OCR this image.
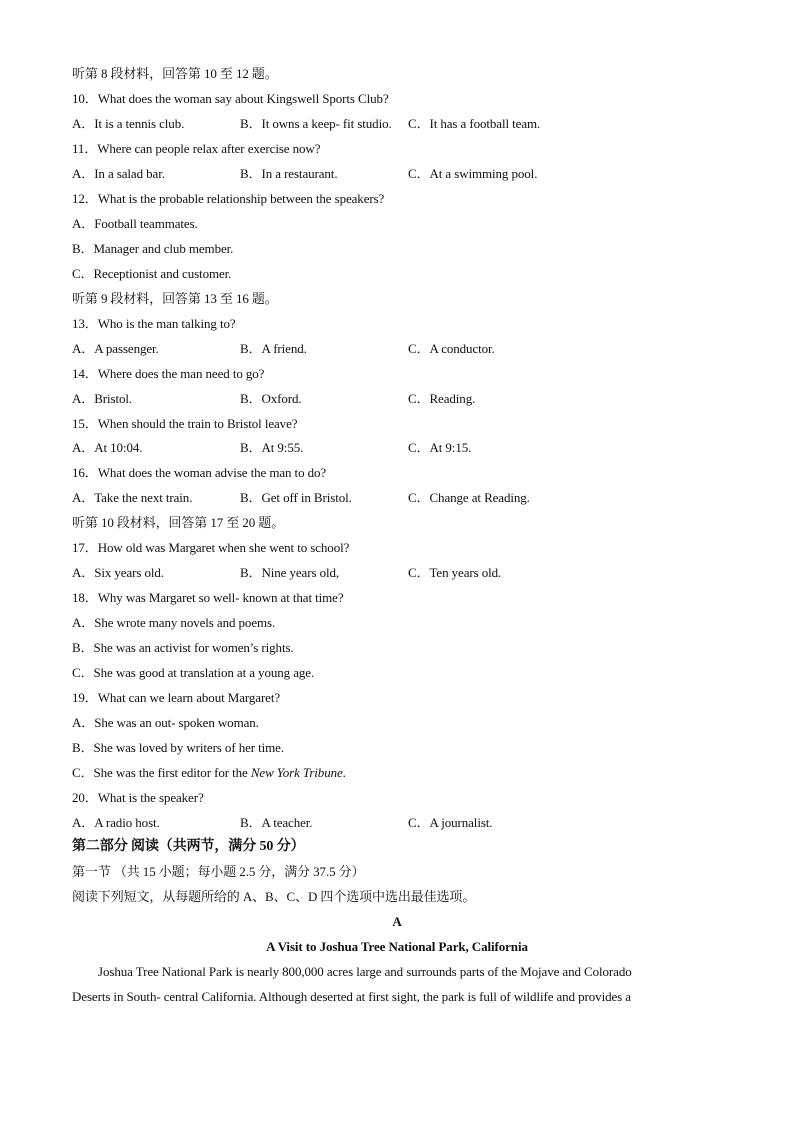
听第 8 段材料，回答第 10 至 12 题。
10．What does the woman say about Kingswell Sports Club?
A．It is a tennis club.	B．It owns a keep- fit studio. C．It has a football team.
11．Where can people relax after exercise now?
A．In a salad bar.	B．In a restaurant.	C．At a swimming pool.
12．What is the probable relationship between the speakers?
A．Football teammates.
B．Manager and club member.
C．Receptionist and customer.
听第 9 段材料，回答第 13 至 16 题。
13．Who is the man talking to?
A．A passenger.	B．A friend.	C．A conductor.
14．Where does the man need to go?
A．Bristol.	B．Oxford.	C．Reading.
15．When should the train to Bristol leave?
A．At 10:04.	B．At 9:55.	C．At 9:15.
16．What does the woman advise the man to do?
A．Take the next train.	B．Get off in Bristol.	C．Change at Reading.
听第 10 段材料，回答第 17 至 20 题。
17．How old was Margaret when she went to school?
A．Six years old.	B．Nine years old,	C．Ten years old.
18．Why was Margaret so well- known at that time?
A．She wrote many novels and poems.
B．She was an activist for women’s rights.
C．She was good at translation at a young age.
19．What can we learn about Margaret?
A．She was an out- spoken woman.
B．She was loved by writers of her time.
C．She was the first editor for the New York Tribune.
20．What is the speaker?
A．A radio host.	B．A teacher.	C．A journalist.
第二部分 阅读（共两节，满分 50 分）
第一节 （共 15 小题；每小题 2.5 分，满分 37.5 分）
阅读下列短文，从每题所给的 A、B、C、D 四个选项中选出最佳选项。
A
A Visit to Joshua Tree National Park, California
Joshua Tree National Park is nearly 800,000 acres large and surrounds parts of the Mojave and Colorado
Deserts in South- central California. Although deserted at first sight, the park is full of wildlife and provides a
